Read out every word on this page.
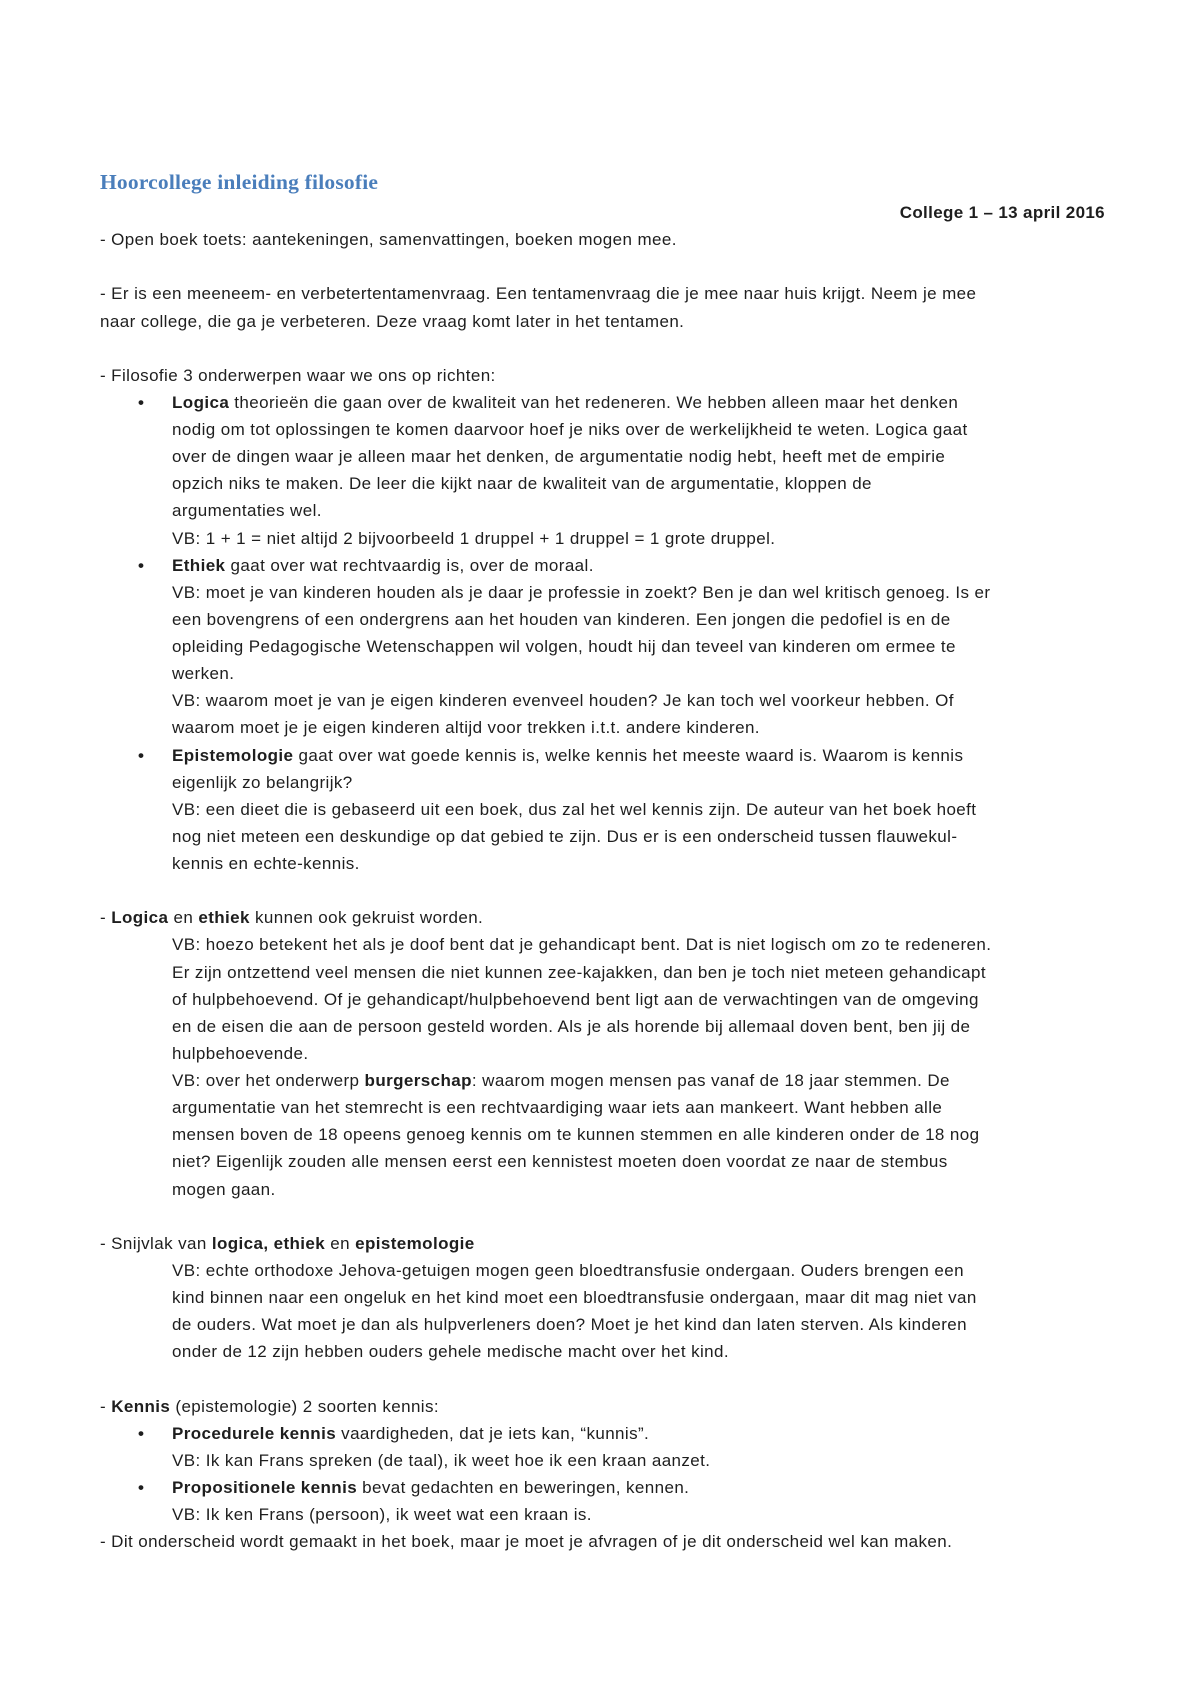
Hoorcollege inleiding filosofie
College 1 – 13 april 2016
- Open boek toets: aantekeningen, samenvattingen, boeken mogen mee.
- Er is een meeneem- en verbetertentamenvraag. Een tentamenvraag die je mee naar huis krijgt. Neem je mee
naar college, die ga je verbeteren. Deze vraag komt later in het tentamen.
- Filosofie 3 onderwerpen waar we ons op richten:
• Logica theorieën die gaan over de kwaliteit van het redeneren. We hebben alleen maar het denken
nodig om tot oplossingen te komen daarvoor hoef je niks over de werkelijkheid te weten. Logica gaat
over de dingen waar je alleen maar het denken, de argumentatie nodig hebt, heeft met de empirie
opzich niks te maken. De leer die kijkt naar de kwaliteit van de argumentatie, kloppen de
argumentaties wel.
VB: 1 + 1 = niet altijd 2 bijvoorbeeld 1 druppel + 1 druppel = 1 grote druppel.
• Ethiek gaat over wat rechtvaardig is, over de moraal.
VB: moet je van kinderen houden als je daar je professie in zoekt? Ben je dan wel kritisch genoeg. Is er
een bovengrens of een ondergrens aan het houden van kinderen. Een jongen die pedofiel is en de
opleiding Pedagogische Wetenschappen wil volgen, houdt hij dan teveel van kinderen om ermee te
werken.
VB: waarom moet je van je eigen kinderen evenveel houden? Je kan toch wel voorkeur hebben. Of
waarom moet je je eigen kinderen altijd voor trekken i.t.t. andere kinderen.
• Epistemologie gaat over wat goede kennis is, welke kennis het meeste waard is. Waarom is kennis
eigenlijk zo belangrijk?
VB: een dieet die is gebaseerd uit een boek, dus zal het wel kennis zijn. De auteur van het boek hoeft
nog niet meteen een deskundige op dat gebied te zijn. Dus er is een onderscheid tussen flauwekul-
kennis en echte-kennis.
- Logica en ethiek kunnen ook gekruist worden.
VB: hoezo betekent het als je doof bent dat je gehandicapt bent. Dat is niet logisch om zo te redeneren.
Er zijn ontzettend veel mensen die niet kunnen zee-kajakken, dan ben je toch niet meteen gehandicapt
of hulpbehoevend. Of je gehandicapt/hulpbehoevend bent ligt aan de verwachtingen van de omgeving
en de eisen die aan de persoon gesteld worden. Als je als horende bij allemaal doven bent, ben jij de
hulpbehoevende.
VB: over het onderwerp burgerschap: waarom mogen mensen pas vanaf de 18 jaar stemmen. De
argumentatie van het stemrecht is een rechtvaardiging waar iets aan mankeert. Want hebben alle
mensen boven de 18 opeens genoeg kennis om te kunnen stemmen en alle kinderen onder de 18 nog
niet? Eigenlijk zouden alle mensen eerst een kennistest moeten doen voordat ze naar de stembus
mogen gaan.
- Snijvlak van logica, ethiek en epistemologie
VB: echte orthodoxe Jehova-getuigen mogen geen bloedtransfusie ondergaan. Ouders brengen een
kind binnen naar een ongeluk en het kind moet een bloedtransfusie ondergaan, maar dit mag niet van
de ouders. Wat moet je dan als hulpverleners doen? Moet je het kind dan laten sterven. Als kinderen
onder de 12 zijn hebben ouders gehele medische macht over het kind.
- Kennis (epistemologie) 2 soorten kennis:
• Procedurele kennis vaardigheden, dat je iets kan, “kunnis”.
VB: Ik kan Frans spreken (de taal), ik weet hoe ik een kraan aanzet.
• Propositionele kennis bevat gedachten en beweringen, kennen.
VB: Ik ken Frans (persoon), ik weet wat een kraan is.
- Dit onderscheid wordt gemaakt in het boek, maar je moet je afvragen of je dit onderscheid wel kan maken.
